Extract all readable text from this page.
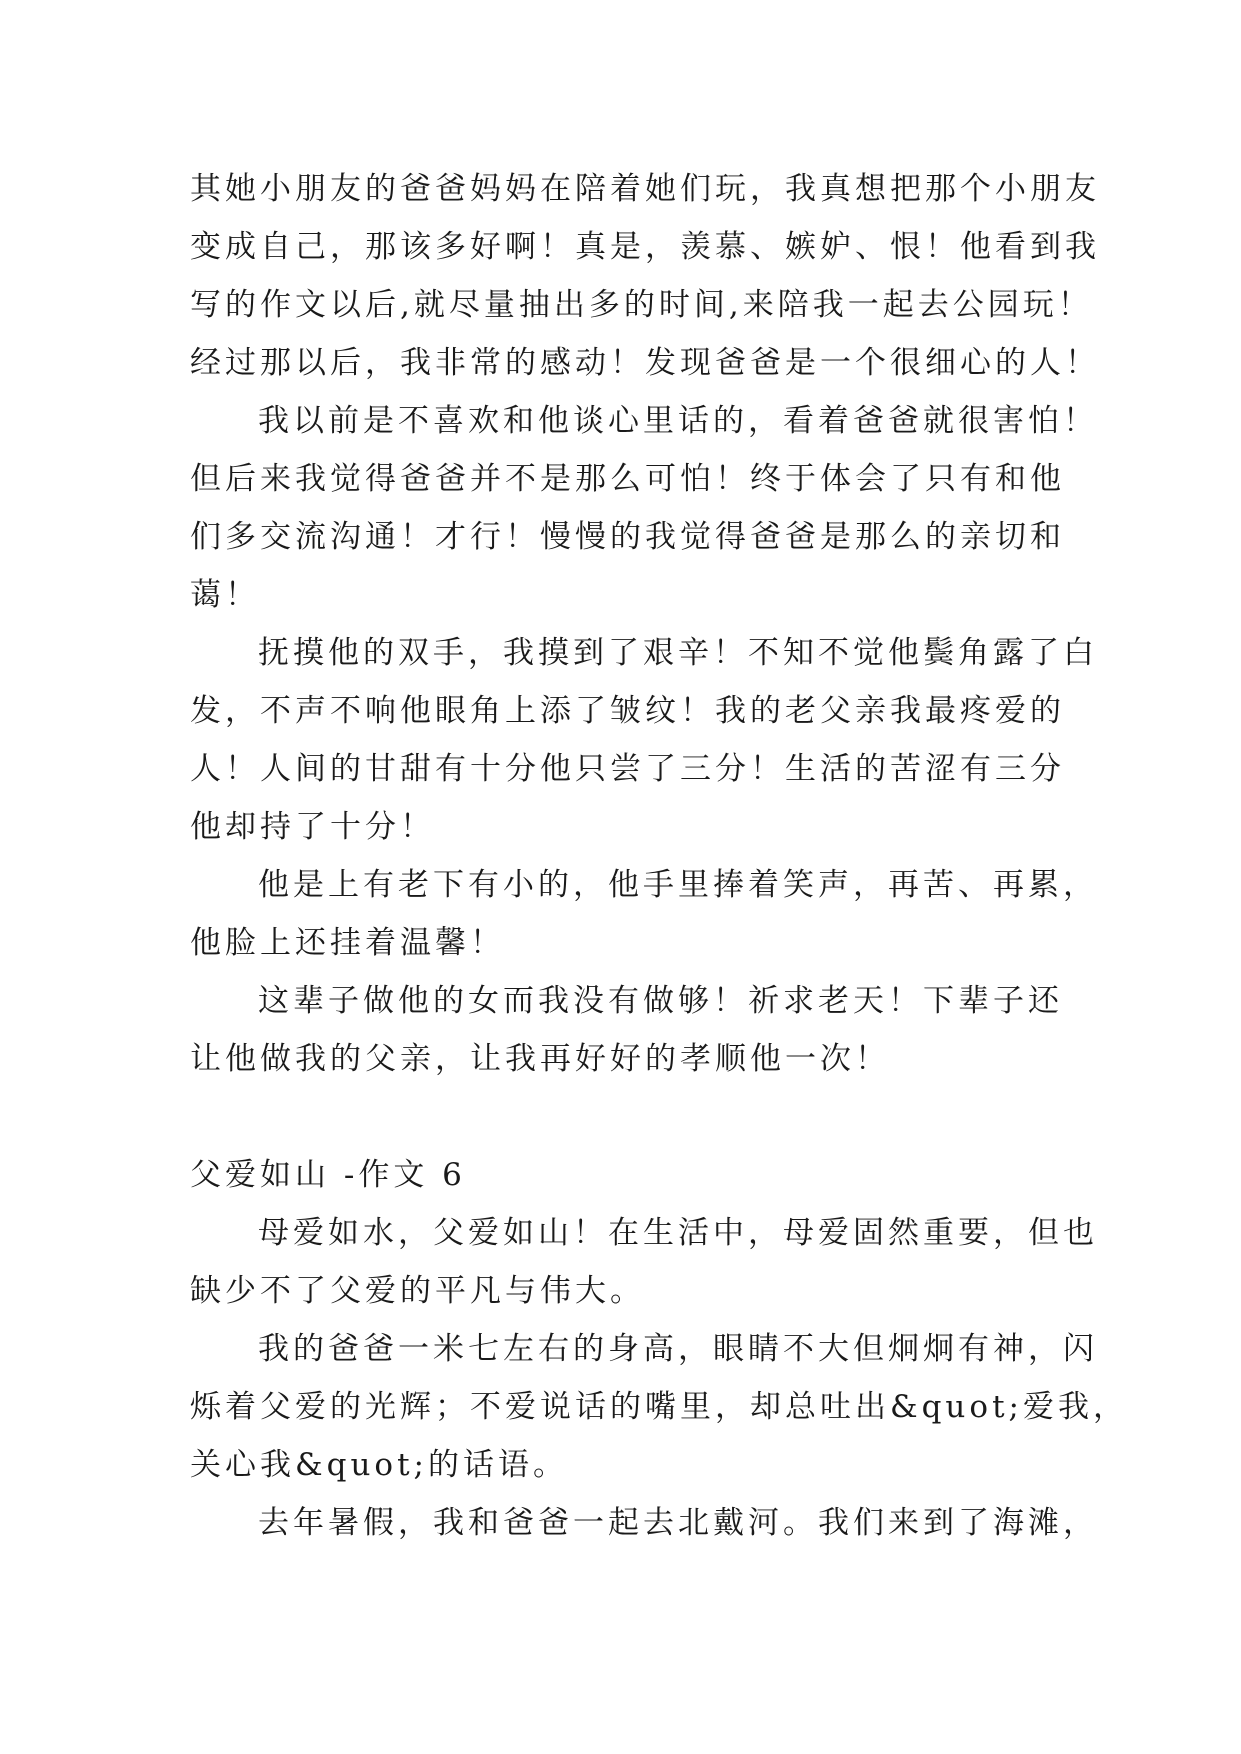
其她小朋友的爸爸妈妈在陪着她们玩，我真想把那个小朋友
变成自己，那该多好啊！真是，羡慕、嫉妒、恨！他看到我
写的作文以后,就尽量抽出多的时间,来陪我一起去公园玩！
经过那以后，我非常的感动！发现爸爸是一个很细心的人！
我以前是不喜欢和他谈心里话的，看着爸爸就很害怕！
但后来我觉得爸爸并不是那么可怕！终于体会了只有和他
们多交流沟通！才行！慢慢的我觉得爸爸是那么的亲切和
蔼！
抚摸他的双手，我摸到了艰辛！不知不觉他鬓角露了白
发，不声不响他眼角上添了皱纹！我的老父亲我最疼爱的
人！人间的甘甜有十分他只尝了三分！生活的苦涩有三分
他却持了十分！
他是上有老下有小的，他手里捧着笑声，再苦、再累，
他脸上还挂着温馨！
这辈子做他的女而我没有做够！祈求老天！下辈子还
让他做我的父亲，让我再好好的孝顺他一次！
父爱如山 -作文 6
母爱如水，父爱如山！在生活中，母爱固然重要，但也
缺少不了父爱的平凡与伟大。
我的爸爸一米七左右的身高，眼睛不大但炯炯有神，闪
烁着父爱的光辉；不爱说话的嘴里，却总吐出&quot;爱我，
关心我&quot;的话语。
去年暑假，我和爸爸一起去北戴河。我们来到了海滩，
